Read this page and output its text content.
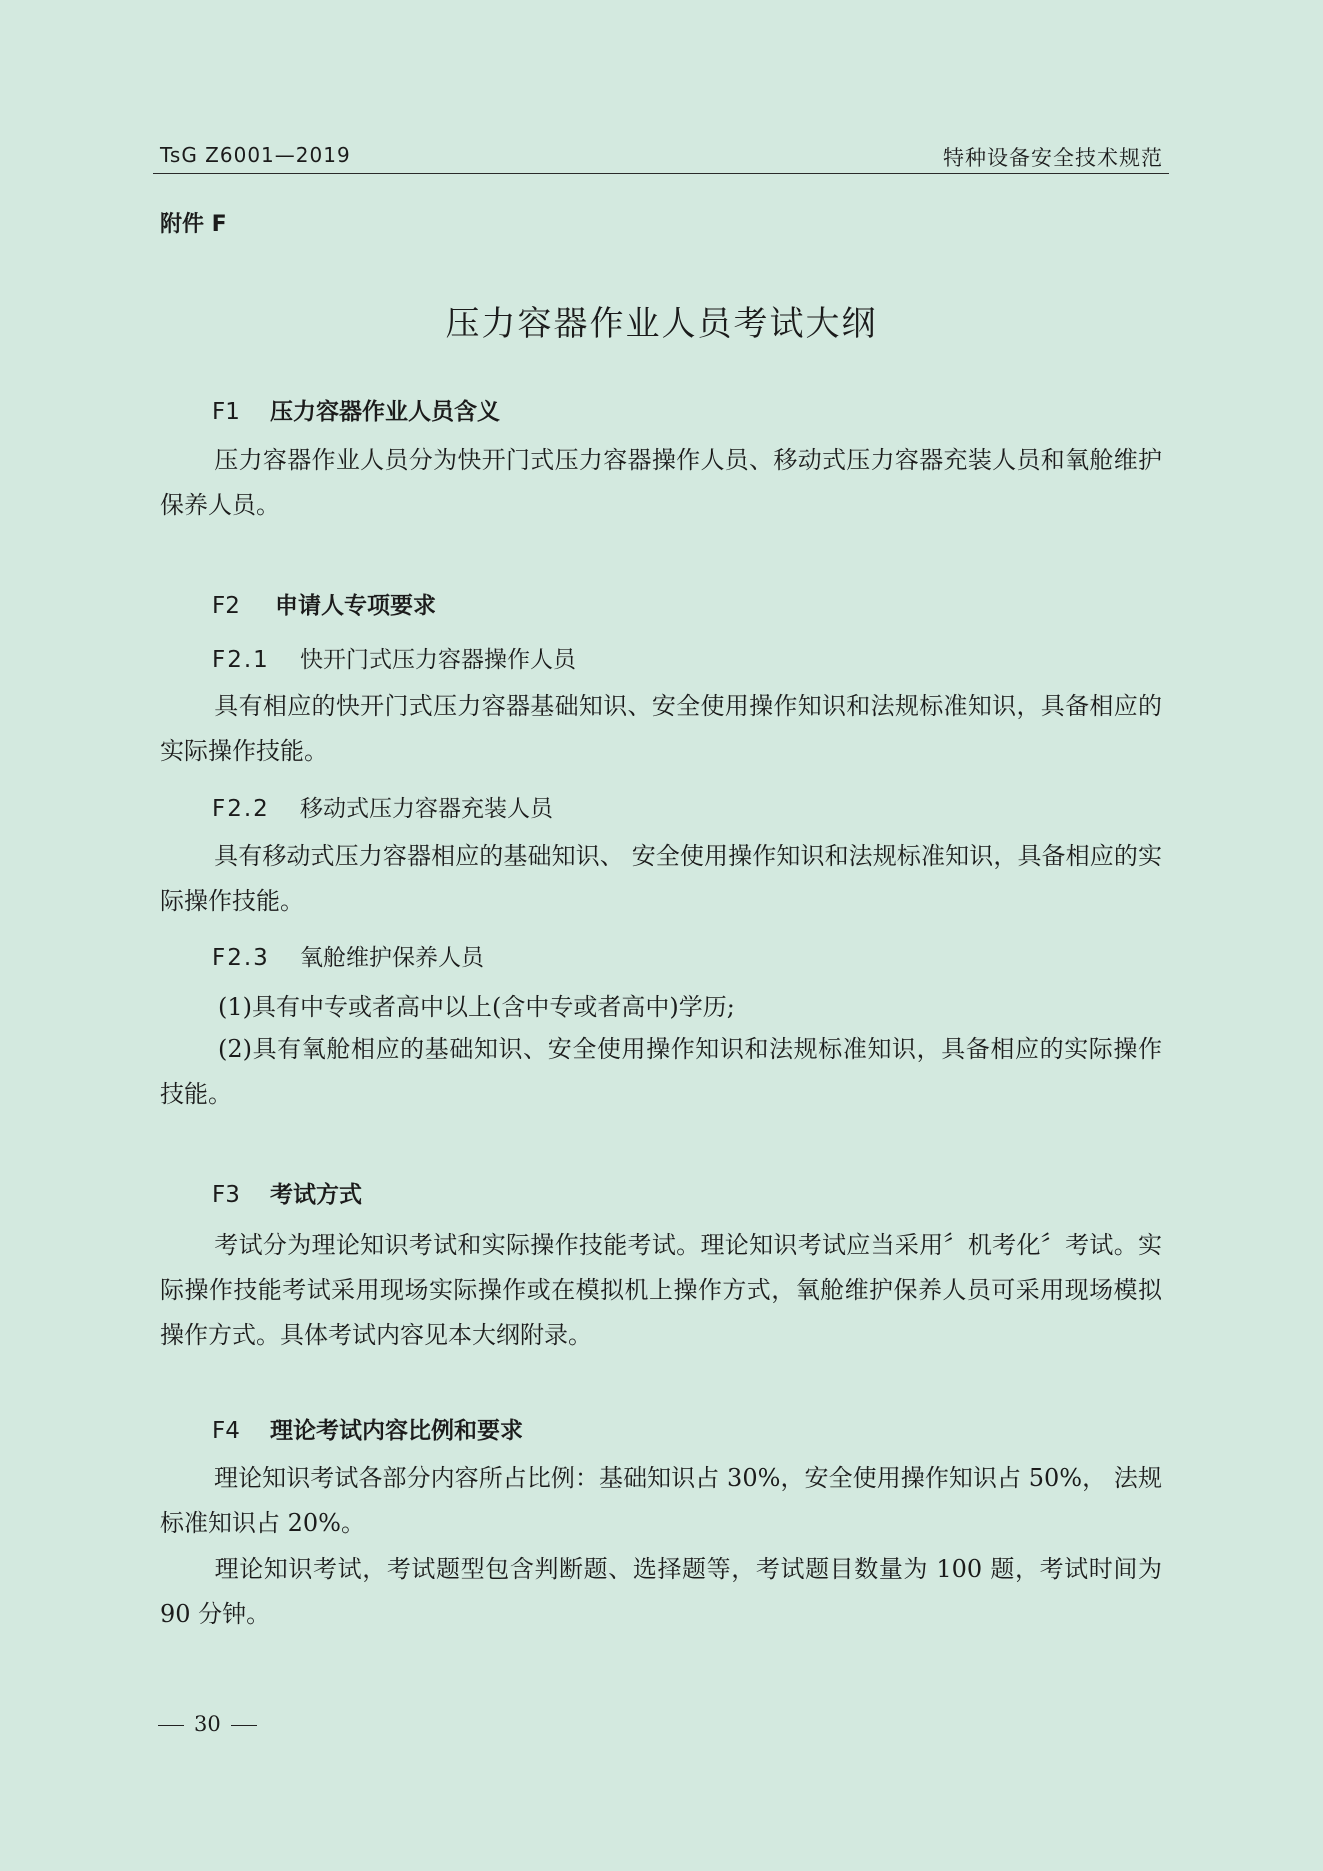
TsG Z6001—2019	特种设备安全技术规范
附件 F
压力容器作业人员考试大纲
F1 压力容器作业人员含义
压力容器作业人员分为快开门式压力容器操作人员、移动式压力容器充装人员和氧舱维护保养人员。
F2 申请人专项要求
F2.1 快开门式压力容器操作人员
具有相应的快开门式压力容器基础知识、安全使用操作知识和法规标准知识，具备相应的实际操作技能。
F2.2 移动式压力容器充装人员
具有移动式压力容器相应的基础知识、 安全使用操作知识和法规标准知识，具备相应的实际操作技能。
F2.3 氧舱维护保养人员
(1)具有中专或者高中以上(含中专或者高中)学历;
(2)具有氧舱相应的基础知识、安全使用操作知识和法规标准知识，具备相应的实际操作技能。
F3 考试方式
考试分为理论知识考试和实际操作技能考试。理论知识考试应当采用〞机考化〞考试。实际操作技能考试采用现场实际操作或在模拟机上操作方式，氧舱维护保养人员可采用现场模拟操作方式。具体考试内容见本大纲附录。
F4 理论考试内容比例和要求
理论知识考试各部分内容所占比例：基础知识占 30%，安全使用操作知识占 50%， 法规标准知识占 20%。
理论知识考试，考试题型包含判断题、选择题等，考试题目数量为 100 题，考试时间为 90 分钟。
30
